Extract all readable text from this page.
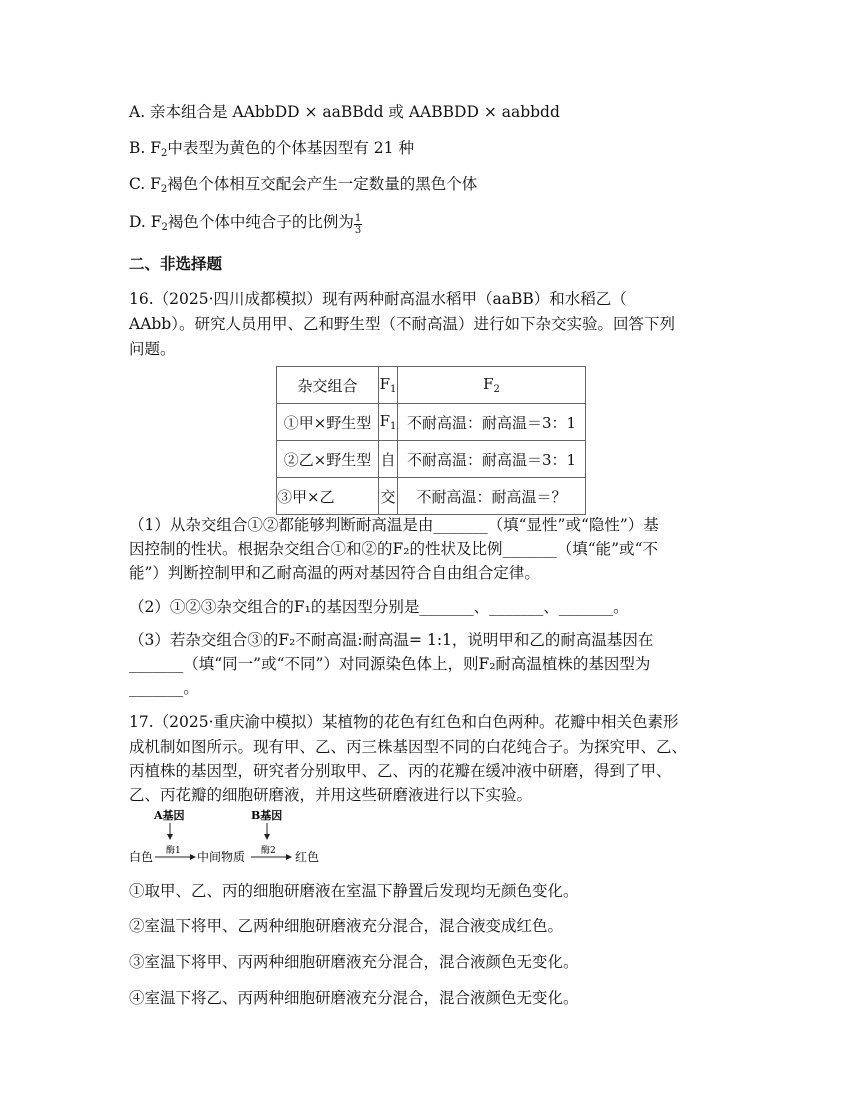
A. 亲本组合是 AAbbDD × aaBBdd 或 AABBDD × aabbdd
B. $F_2$中表型为黄色的个体基因型有 21 种
C. $F_2$褐色个体相互交配会产生一定数量的黑色个体
D. $F_2$褐色个体中纯合子的比例为 $\frac{1}{3}$
二、非选择题
16.（2025·四川成都模拟）现有两种耐高温水稻甲（aaBB）和水稻乙（
AAbb）。研究人员用甲、乙和野生型（不耐高温）进行如下杂交实验。回答下列
问题。
杂交组合	$F_1$	$F_2$
①甲×野生型	$F_1$	不耐高温：耐高温＝3：1
②乙×野生型	自	不耐高温：耐高温＝3：1
③甲×乙	交	不耐高温：耐高温＝？
（1）从杂交组合①②都能够判断耐高温是由_______（填“显性”或“隐性”）基
因控制的性状。根据杂交组合①和②的F₂的性状及比例_______（填“能”或“不
能”）判断控制甲和乙耐高温的两对基因符合自由组合定律。
（2）①②③杂交组合的F₁的基因型分别是_______、_______、_______。
（3）若杂交组合③的F₂不耐高温:耐高温= 1:1，说明甲和乙的耐高温基因在
_______（填“同一”或“不同”）对同源染色体上，则F₂耐高温植株的基因型为
_______。
17.（2025·重庆渝中模拟）某植物的花色有红色和白色两种。花瓣中相关色素形
成机制如图所示。现有甲、乙、丙三株基因型不同的白花纯合子。为探究甲、乙、
丙植株的基因型，研究者分别取甲、乙、丙的花瓣在缓冲液中研磨，得到了甲、
乙、丙花瓣的细胞研磨液，并用这些研磨液进行以下实验。
A基因	B基因
白色 酶1 中间物质 酶2 红色
①取甲、乙、丙的细胞研磨液在室温下静置后发现均无颜色变化。
②室温下将甲、乙两种细胞研磨液充分混合，混合液变成红色。
③室温下将甲、丙两种细胞研磨液充分混合，混合液颜色无变化。
④室温下将乙、丙两种细胞研磨液充分混合，混合液颜色无变化。
